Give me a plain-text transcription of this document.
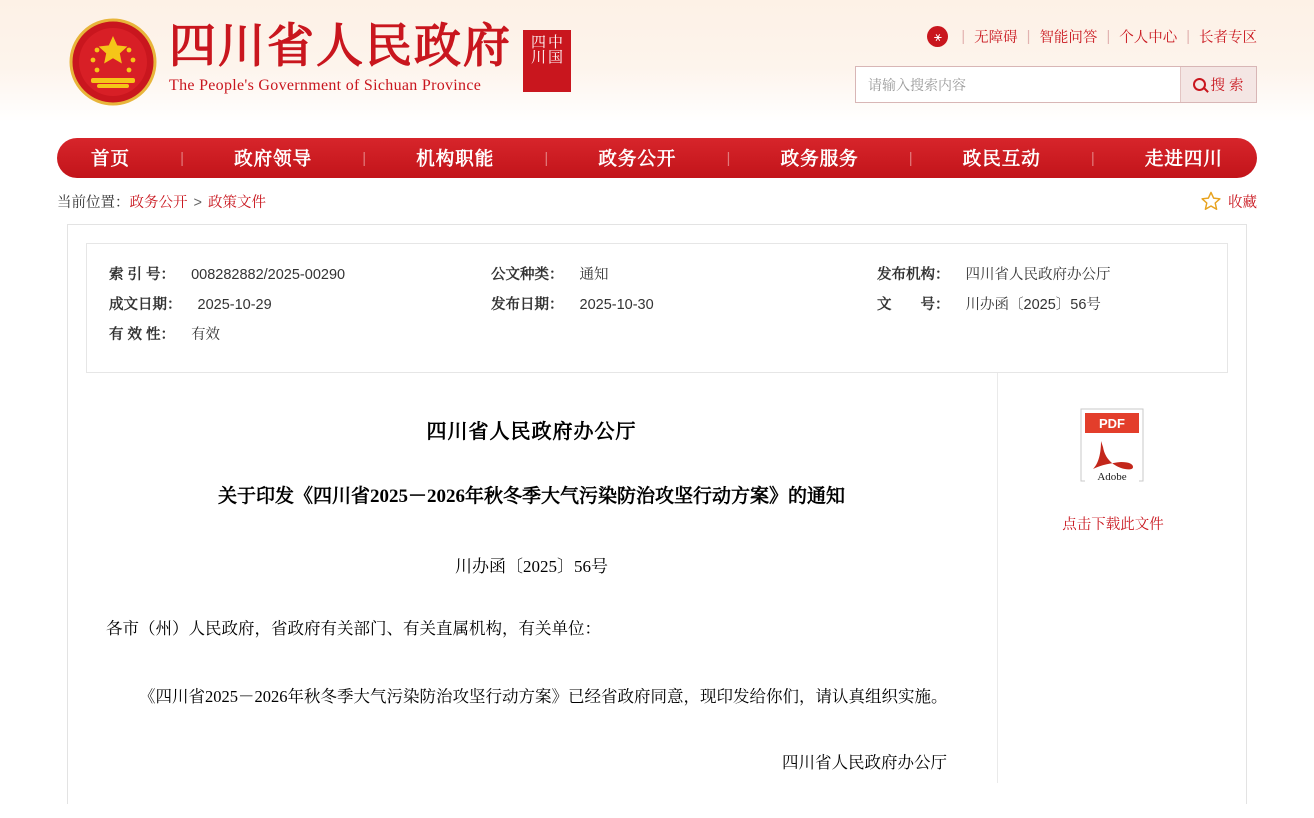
四川省人民政府
The People's Government of Sichuan Province
四 中川 国
⚹	| 无障碍 | 智能问答 | 个人中心 | 长者专区
请输入搜索内容
搜 索
首页	|	政府领导	|	机构职能	|	政务公开	|	政务服务	|	政民互动	|	走进四川
当前位置：政务公开 > 政策文件	收藏
索 引 号： 008282882/2025-00290	公文种类： 通知	发布机构： 四川省人民政府办公厅
成文日期： 2025-10-29	发布日期： 2025-10-30	文　　号： 川办函〔2025〕56号
有 效 性： 有效
四川省人民政府办公厅
关于印发《四川省2025－2026年秋冬季大气污染防治攻坚行动方案》的通知
川办函〔2025〕56号

各市（州）人民政府，省政府有关部门、有关直属机构，有关单位：

《四川省2025－2026年秋冬季大气污染防治攻坚行动方案》已经省政府同意，现印发给你们，请认真组织实施。

四川省人民政府办公厅

PDF
Adobe
点击下载此文件
